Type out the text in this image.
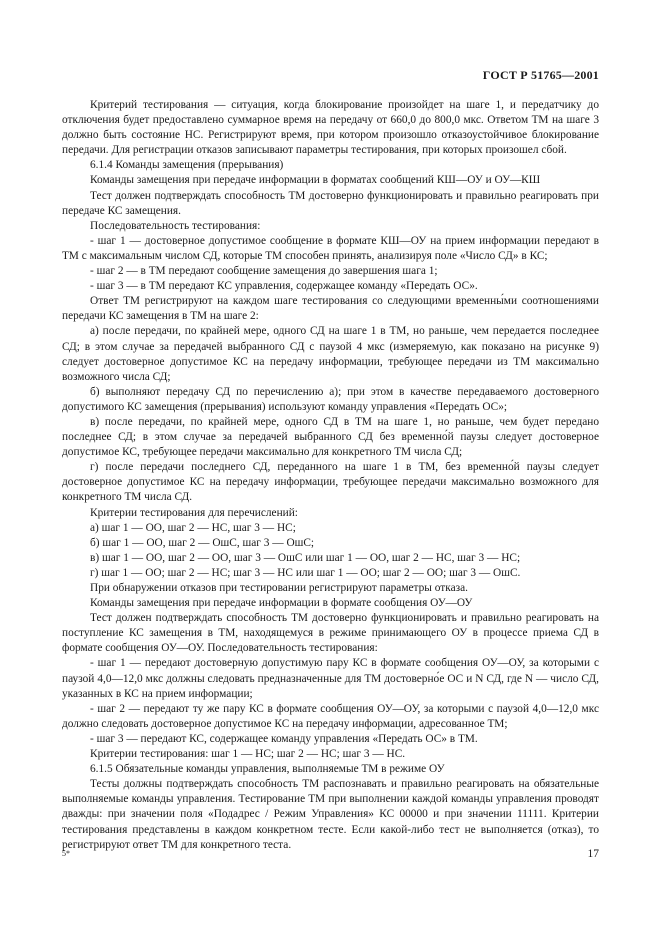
ГОСТ Р 51765—2001

Критерий тестирования — ситуация, когда блокирование произойдет на шаге 1, и передатчику до отключения будет предоставлено суммарное время на передачу от 660,0 до 800,0 мкс. Ответом ТМ на шаге 3 должно быть состояние НС. Регистрируют время, при котором произошло отказоустойчивое блокирование передачи. Для регистрации отказов записывают параметры тестирования, при которых произошел сбой.

6.1.4 Команды замещения (прерывания)

Команды замещения при передаче информации в форматах сообщений КШ—ОУ и ОУ—КШ

Тест должен подтверждать способность ТМ достоверно функционировать и правильно реагировать при передаче КС замещения.

Последовательность тестирования:

- шаг 1 — достоверное допустимое сообщение в формате КШ—ОУ на прием информации передают в ТМ с максимальным числом СД, которые ТМ способен принять, анализируя поле «Число СД» в КС;

- шаг 2 — в ТМ передают сообщение замещения до завершения шага 1;

- шаг 3 — в ТМ передают КС управления, содержащее команду «Передать ОС».

Ответ ТМ регистрируют на каждом шаге тестирования со следующими временны́ми соотношениями передачи КС замещения в ТМ на шаге 2:

а) после передачи, по крайней мере, одного СД на шаге 1 в ТМ, но раньше, чем передается последнее СД; в этом случае за передачей выбранного СД с паузой 4 мкс (измеряемую, как показано на рисунке 9) следует достоверное допустимое КС на передачу информации, требующее передачи из ТМ максимально возможного числа СД;

б) выполняют передачу СД по перечислению а); при этом в качестве передаваемого достоверного допустимого КС замещения (прерывания) используют команду управления «Передать ОС»;

в) после передачи, по крайней мере, одного СД в ТМ на шаге 1, но раньше, чем будет передано последнее СД; в этом случае за передачей выбранного СД без временно́й паузы следует достоверное допустимое КС, требующее передачи максимально для конкретного ТМ числа СД;

г) после передачи последнего СД, переданного на шаге 1 в ТМ, без временно́й паузы следует достоверное допустимое КС на передачу информации, требующее передачи максимально возможного для конкретного ТМ числа СД.

Критерии тестирования для перечислений:

а) шаг 1 — ОО, шаг 2 — НС, шаг 3 — НС;

б) шаг 1 — ОО, шаг 2 — ОшС, шаг 3 — ОшС;

в) шаг 1 — ОО, шаг 2 — ОО, шаг 3 — ОшС или шаг 1 — ОО, шаг 2 — НС, шаг 3 — НС;

г) шаг 1 — ОО; шаг 2 — НС; шаг 3 — НС или шаг 1 — ОО; шаг 2 — ОО; шаг 3 — ОшС.

При обнаружении отказов при тестировании регистрируют параметры отказа.

Команды замещения при передаче информации в формате сообщения ОУ—ОУ

Тест должен подтверждать способность ТМ достоверно функционировать и правильно реагировать на поступление КС замещения в ТМ, находящемуся в режиме принимающего ОУ в процессе приема СД в формате сообщения ОУ—ОУ. Последовательность тестирования:

- шаг 1 — передают достоверную допустимую пару КС в формате сообщения ОУ—ОУ, за которыми с паузой 4,0—12,0 мкс должны следовать предназначенные для ТМ достоверно́е ОС и N СД, где N — число СД, указанных в КС на прием информации;

- шаг 2 — передают ту же пару КС в формате сообщения ОУ—ОУ, за которыми с паузой 4,0—12,0 мкс должно следовать достоверное допустимое КС на передачу информации, адресованное ТМ;

- шаг 3 — передают КС, содержащее команду управления «Передать ОС» в ТМ.

Критерии тестирования: шаг 1 — НС; шаг 2 — НС; шаг 3 — НС.

6.1.5 Обязательные команды управления, выполняемые ТМ в режиме ОУ

Тесты должны подтверждать способность ТМ распознавать и правильно реагировать на обязательные выполняемые команды управления. Тестирование ТМ при выполнении каждой команды управления проводят дважды: при значении поля «Подадрес / Режим Управления» КС 00000 и при значении 11111. Критерии тестирования представлены в каждом конкретном тесте. Если какой-либо тест не выполняется (отказ), то регистрируют ответ ТМ для конкретного теста.

5*	17
